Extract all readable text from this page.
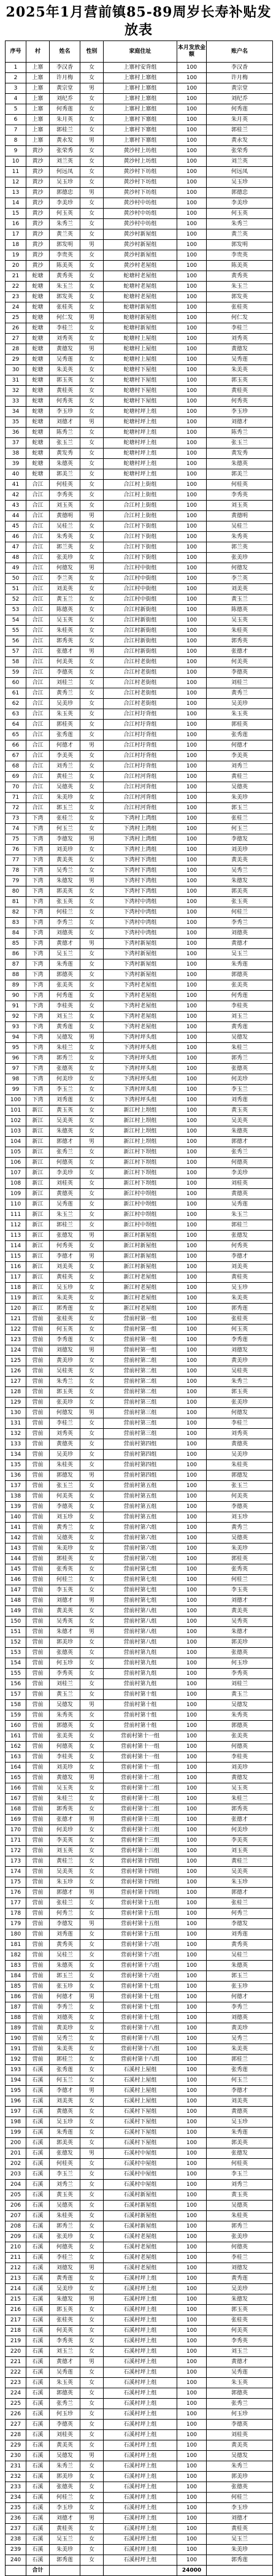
2025年1月营前镇85-89周岁长寿补贴发放表
序号	村	姓名	性别	家庭住址	本月发放金额	账户名
1	上寨	李汉香	女	上寨村安背组	100	李汉香
2	上寨	许月梅	女	上寨村上寨组	100	许月梅
3	上寨	黄宗堂	男	上寨村上寨组	100	黄宗堂
4	上寨	刘纪乔	女	上寨村上寨组	100	刘纪乔
5	上寨	何秀莲	女	上寨村上寨组	100	何秀莲
6	上寨	朱月英	女	上寨村下寨组	100	朱月英
7	上寨	郭桂兰	女	上寨村下寨组	100	郭桂兰
8	上寨	黄永发	男	上寨村下寨组	100	黄永发
9	黄沙	张荣秀	女	黄沙村上坊组	100	张荣秀
10	黄沙	刘兰英	女	黄沙村上坊组	100	刘兰英
11	黄沙	何远凤	女	黄沙村下坊组	100	何远凤
12	黄沙	吴玉珍	女	黄沙村下坊组	100	吴玉珍
13	黄沙	郭德忠	男	黄沙村下坊组	100	郭德忠
14	黄沙	李美珍	女	黄沙村中坊组	100	李美珍
15	黄沙	何玉英	女	黄沙村中坊组	100	何玉英
16	黄沙	朱秀兰	女	黄沙村中坊组	100	朱秀兰
17	黄沙	黄兰英	女	黄沙村新屋组	100	黄兰英
18	黄沙	郭发明	男	黄沙村新屋组	100	郭发明
19	黄沙	李贵英	女	黄沙村新屋组	100	李贵英
20	黄沙	陈美英	女	黄沙村老屋组	100	陈美英
21	蛇塘	黄秀英	女	蛇塘村老屋组	100	黄秀英
22	蛇塘	朱玉兰	女	蛇塘村老屋组	100	朱玉兰
23	蛇塘	郭发英	女	蛇塘村老屋组	100	郭发英
24	蛇塘	张桂英	女	蛇塘村新屋组	100	张桂英
25	蛇塘	何仁发	男	蛇塘村新屋组	100	何仁发
26	蛇塘	李桂兰	女	蛇塘村新屋组	100	李桂兰
27	蛇塘	刘秀英	女	蛇塘村上屋组	100	刘秀英
28	蛇塘	黄德发	男	蛇塘村上屋组	100	黄德发
29	蛇塘	吴秀莲	女	蛇塘村上屋组	100	吴秀莲
30	蛇塘	朱美英	女	蛇塘村下屋组	100	朱美英
31	蛇塘	郭玉英	女	蛇塘村下屋组	100	郭玉英
32	蛇塘	黄桂英	女	蛇塘村下屋组	100	黄桂英
33	蛇塘	何秀英	女	蛇塘村下屋组	100	何秀英
34	蛇塘	李玉珍	女	蛇塘村坪上组	100	李玉珍
35	蛇塘	刘德才	男	蛇塘村坪上组	100	刘德才
36	蛇塘	陈秀兰	女	蛇塘村坪上组	100	陈秀兰
37	蛇塘	张玉兰	女	蛇塘村坪上组	100	张玉兰
38	蛇塘	黄发秀	女	蛇塘村坪上组	100	黄发秀
39	蛇塘	朱德英	女	蛇塘村坪上组	100	朱德英
40	蛇塘	郭美兰	女	蛇塘村坪上组	100	郭美兰
41	合江	何桂英	女	合江村上街组	100	何桂英
42	合江	李秀英	女	合江村上街组	100	李秀英
43	合江	刘玉英	女	合江村上街组	100	刘玉英
44	合江	黄德明	男	合江村上街组	100	黄德明
45	合江	吴桂兰	女	合江村下街组	100	吴桂兰
46	合江	朱秀英	女	合江村下街组	100	朱秀英
47	合江	郭兰英	女	合江村下街组	100	郭兰英
48	合江	张美珍	女	合江村下街组	100	张美珍
49	合江	何德发	男	合江村中街组	100	何德发
50	合江	李兰英	女	合江村中街组	100	李兰英
51	合江	刘美英	女	合江村中街组	100	刘美英
52	合江	黄玉兰	女	合江村中街组	100	黄玉兰
53	合江	陈德英	女	合江村新街组	100	陈德英
54	合江	吴玉英	女	合江村新街组	100	吴玉英
55	合江	朱桂英	女	合江村新街组	100	朱桂英
56	合江	郭秀英	女	合江村新街组	100	郭秀英
57	合江	张德才	男	合江村新街组	100	张德才
58	合江	何美英	女	合江村老街组	100	何美英
59	合江	李德英	女	合江村老街组	100	李德英
60	合江	刘桂兰	女	合江村老街组	100	刘桂兰
61	合江	黄秀兰	女	合江村老街组	100	黄秀兰
62	合江	吴美珍	女	合江村老街组	100	吴美珍
63	合江	朱玉英	女	合江村圩背组	100	朱玉英
64	合江	郭桂英	女	合江村圩背组	100	郭桂英
65	合江	张秀莲	女	合江村圩背组	100	张秀莲
66	合江	何德才	男	合江村圩背组	100	何德才
67	合江	李美英	女	合江村圩背组	100	李美英
68	合江	刘秀兰	女	合江村圩背组	100	刘秀兰
69	合江	黄桂兰	女	合江村河背组	100	黄桂兰
70	合江	吴德英	女	合江村河背组	100	吴德英
71	合江	朱美珍	女	合江村河背组	100	朱美珍
72	合江	郭玉兰	女	合江村河背组	100	郭玉兰
73	下湾	张桂兰	女	下湾村上湾组	100	张桂兰
74	下湾	何玉兰	女	下湾村上湾组	100	何玉兰
75	下湾	李德发	男	下湾村上湾组	100	李德发
76	下湾	刘美珍	女	下湾村上湾组	100	刘美珍
77	下湾	黄美英	女	下湾村下湾组	100	黄美英
78	下湾	吴秀兰	女	下湾村下湾组	100	吴秀兰
79	下湾	朱德发	男	下湾村下湾组	100	朱德发
80	下湾	郭美英	女	下湾村下湾组	100	郭美英
81	下湾	张玉英	女	下湾村中湾组	100	张玉英
82	下湾	何桂兰	女	下湾村中湾组	100	何桂兰
83	下湾	李秀兰	女	下湾村中湾组	100	李秀兰
84	下湾	刘德英	女	下湾村中湾组	100	刘德英
85	下湾	黄德才	男	下湾村新屋组	100	黄德才
86	下湾	吴玉兰	女	下湾村新屋组	100	吴玉兰
87	下湾	朱秀莲	女	下湾村新屋组	100	朱秀莲
88	下湾	郭德英	女	下湾村新屋组	100	郭德英
89	下湾	张美英	女	下湾村老屋组	100	张美英
90	下湾	何秀莲	女	下湾村老屋组	100	何秀莲
91	下湾	李桂英	女	下湾村老屋组	100	李桂英
92	下湾	刘玉兰	女	下湾村老屋组	100	刘玉兰
93	下湾	黄秀莲	女	下湾村老屋组	100	黄秀莲
94	下湾	吴德发	男	下湾村坪头组	100	吴德发
95	下湾	朱桂兰	女	下湾村坪头组	100	朱桂兰
96	下湾	郭秀兰	女	下湾村坪头组	100	郭秀兰
97	下湾	张德英	女	下湾村坪头组	100	张德英
98	下湾	何美珍	女	下湾村坪头组	100	何美珍
99	下湾	李玉兰	女	下湾村坪头组	100	李玉兰
100	下湾	刘秀莲	女	下湾村坪头组	100	刘秀莲
101	新江	黄玉英	女	新江村上坝组	100	黄玉英
102	新江	吴美英	女	新江村上坝组	100	吴美英
103	新江	朱德英	女	新江村上坝组	100	朱德英
104	新江	郭德才	男	新江村上坝组	100	郭德才
105	新江	张秀兰	女	新江村下坝组	100	张秀兰
106	新江	何德英	女	新江村下坝组	100	何德英
107	新江	李美珍	女	新江村下坝组	100	李美珍
108	新江	刘桂英	女	新江村下坝组	100	刘桂英
109	新江	黄德英	女	新江村中坝组	100	黄德英
110	新江	吴秀莲	女	新江村中坝组	100	吴秀莲
111	新江	朱玉兰	女	新江村中坝组	100	朱玉兰
112	新江	郭桂兰	女	新江村中坝组	100	郭桂兰
113	新江	张德发	男	新江村新屋组	100	张德发
114	新江	何秀英	女	新江村新屋组	100	何秀英
115	新江	李德才	男	新江村新屋组	100	李德才
116	新江	刘美英	女	新江村新屋组	100	刘美英
117	新江	黄桂英	女	新江村老屋组	100	黄桂英
118	新江	吴玉珍	女	新江村老屋组	100	吴玉珍
119	新江	朱美英	女	新江村老屋组	100	朱美英
120	新江	郭秀莲	女	新江村老屋组	100	郭秀莲
121	营前	张桂英	女	营前村第一组	100	张桂英
122	营前	何玉英	女	营前村第一组	100	何玉英
123	营前	李秀莲	女	营前村第一组	100	李秀莲
124	营前	刘德发	男	营前村第一组	100	刘德发
125	营前	黄美珍	女	营前村第二组	100	黄美珍
126	营前	吴桂英	女	营前村第二组	100	吴桂英
127	营前	朱秀兰	女	营前村第二组	100	朱秀兰
128	营前	郭玉英	女	营前村第二组	100	郭玉英
129	营前	张美珍	女	营前村第三组	100	张美珍
130	营前	何德发	男	营前村第三组	100	何德发
131	营前	李桂兰	女	营前村第三组	100	李桂兰
132	营前	刘秀英	女	营前村第三组	100	刘秀英
133	营前	黄德英	女	营前村第四组	100	黄德英
134	营前	吴美珍	女	营前村第四组	100	吴美珍
135	营前	朱桂英	女	营前村第四组	100	朱桂英
136	营前	郭德发	男	营前村第四组	100	郭德发
137	营前	张玉兰	女	营前村第五组	100	张玉兰
138	营前	何美英	女	营前村第五组	100	何美英
139	营前	李德英	女	营前村第五组	100	李德英
140	营前	刘玉珍	女	营前村第五组	100	刘玉珍
141	营前	黄秀兰	女	营前村第六组	100	黄秀兰
142	营前	吴德英	女	营前村第六组	100	吴德英
143	营前	朱美珍	女	营前村第六组	100	朱美珍
144	营前	郭桂英	女	营前村第六组	100	郭桂英
145	营前	张秀英	女	营前村第七组	100	张秀英
146	营前	何桂兰	女	营前村第七组	100	何桂兰
147	营前	李玉英	女	营前村第七组	100	李玉英
148	营前	刘德才	男	营前村第七组	100	刘德才
149	营前	黄美英	女	营前村第八组	100	黄美英
150	营前	吴秀英	女	营前村第八组	100	吴秀英
151	营前	朱德才	男	营前村第八组	100	朱德才
152	营前	郭美珍	女	营前村第八组	100	郭美珍
153	营前	张德英	女	营前村第九组	100	张德英
154	营前	何玉珍	女	营前村第九组	100	何玉珍
155	营前	李秀英	女	营前村第九组	100	李秀英
156	营前	刘桂兰	女	营前村第九组	100	刘桂兰
157	营前	黄玉兰	女	营前村第十组	100	黄玉兰
158	营前	吴德发	男	营前村第十组	100	吴德发
159	营前	朱秀英	女	营前村第十组	100	朱秀英
160	营前	郭德英	女	营前村第十组	100	郭德英
161	营前	张美英	女	营前村第十一组	100	张美英
162	营前	何德英	女	营前村第十一组	100	何德英
163	营前	李桂英	女	营前村第十一组	100	李桂英
164	营前	刘美珍	女	营前村第十一组	100	刘美珍
165	营前	黄德发	男	营前村第十二组	100	黄德发
166	营前	吴玉英	女	营前村第十二组	100	吴玉英
167	营前	朱桂兰	女	营前村第十二组	100	朱桂兰
168	营前	郭秀英	女	营前村第十二组	100	郭秀英
169	营前	张德才	男	营前村第十三组	100	张德才
170	营前	何美珍	女	营前村第十三组	100	何美珍
171	营前	李美英	女	营前村第十三组	100	李美英
172	营前	刘玉英	女	营前村第十三组	100	刘玉英
173	营前	黄桂兰	女	营前村第十四组	100	黄桂兰
174	营前	吴美英	女	营前村第十四组	100	吴美英
175	营前	朱玉珍	女	营前村第十四组	100	朱玉珍
176	营前	郭德才	男	营前村第十四组	100	郭德才
177	营前	张桂兰	女	营前村第十五组	100	张桂兰
178	营前	何秀兰	女	营前村第十五组	100	何秀兰
179	营前	李德发	男	营前村第十五组	100	李德发
180	营前	刘秀莲	女	营前村第十五组	100	刘秀莲
181	营前	黄秀英	女	营前村第十六组	100	黄秀英
182	营前	吴桂兰	女	营前村第十六组	100	吴桂兰
183	营前	朱德英	女	营前村第十六组	100	朱德英
184	营前	郭玉兰	女	营前村第十六组	100	郭玉兰
185	营前	张玉珍	女	营前村第十七组	100	张玉珍
186	营前	何德才	男	营前村第十七组	100	何德才
187	营前	李秀兰	女	营前村第十七组	100	李秀兰
188	营前	刘德英	女	营前村第十七组	100	刘德英
189	营前	黄美珍	女	营前村第十八组	100	黄美珍
190	营前	吴秀兰	女	营前村第十八组	100	吴秀兰
191	营前	朱美英	女	营前村第十八组	100	朱美英
192	营前	郭桂兰	女	营前村第十八组	100	郭桂兰
193	石溪	张秀莲	女	石溪村上屋组	100	张秀莲
194	石溪	何玉兰	女	石溪村上屋组	100	何玉兰
195	石溪	李德才	男	石溪村上屋组	100	李德才
196	石溪	刘美英	女	石溪村上屋组	100	刘美英
197	石溪	黄德英	女	石溪村下屋组	100	黄德英
198	石溪	吴玉珍	女	石溪村下屋组	100	吴玉珍
199	石溪	朱秀莲	女	石溪村下屋组	100	朱秀莲
200	石溪	郭美英	女	石溪村下屋组	100	郭美英
201	石溪	张德发	男	石溪村中屋组	100	张德发
202	石溪	何桂英	女	石溪村中屋组	100	何桂英
203	石溪	李玉兰	女	石溪村中屋组	100	李玉兰
204	石溪	刘秀兰	女	石溪村中屋组	100	刘秀兰
205	石溪	黄玉英	女	石溪村新屋组	100	黄玉英
206	石溪	吴德英	女	石溪村新屋组	100	吴德英
207	石溪	朱桂英	女	石溪村新屋组	100	朱桂英
208	石溪	郭秀兰	女	石溪村新屋组	100	郭秀兰
209	石溪	张美珍	女	石溪村老屋组	100	张美珍
210	石溪	何德英	女	石溪村老屋组	100	何德英
211	石溪	李桂兰	女	石溪村老屋组	100	李桂兰
212	石溪	刘德发	男	石溪村老屋组	100	刘德发
213	石溪	黄秀莲	女	石溪村坪上组	100	黄秀莲
214	石溪	吴美珍	女	石溪村坪上组	100	吴美珍
215	石溪	朱德发	男	石溪村坪上组	100	朱德发
216	石溪	郭玉英	女	石溪村坪上组	100	郭玉英
217	石溪	张桂英	女	石溪村坪上组	100	张桂英
218	石溪	何美英	女	石溪村坪上组	100	何美英
219	石溪	李秀英	女	石溪村坪上组	100	李秀英
220	石溪	刘玉兰	女	石溪村坪上组	100	刘玉兰
221	石溪	黄德才	男	石溪村坪上组	100	黄德才
222	石溪	吴秀莲	女	石溪村坪上组	100	吴秀莲
223	石溪	朱玉英	女	石溪村坪上组	100	朱玉英
224	石溪	郭德英	女	石溪村坪上组	100	郭德英
225	石溪	张秀兰	女	石溪村坪上组	100	张秀兰
226	石溪	何玉珍	女	石溪村坪上组	100	何玉珍
227	石溪	李德英	女	石溪村坪上组	100	李德英
228	石溪	刘桂英	女	石溪村坪上组	100	刘桂英
229	石溪	黄美英	女	石溪村坪上组	100	黄美英
230	石溪	吴德发	男	石溪村坪上组	100	吴德发
231	石溪	朱秀兰	女	石溪村坪上组	100	朱秀兰
232	石溪	郭美珍	女	石溪村坪上组	100	郭美珍
233	石溪	张德英	女	石溪村坪上组	100	张德英
234	石溪	何桂兰	女	石溪村坪上组	100	何桂兰
235	石溪	李玉珍	女	石溪村坪上组	100	李玉珍
236	石溪	刘德才	男	石溪村坪上组	100	刘德才
237	石溪	黄桂英	女	石溪村坪上组	100	黄桂英
238	石溪	吴玉兰	女	石溪村坪上组	100	吴玉兰
239	石溪	朱美珍	女	石溪村坪上组	100	朱美珍
240	石溪	郭秀莲	女	石溪村坪上组	100	郭秀莲
	合计				24000	
